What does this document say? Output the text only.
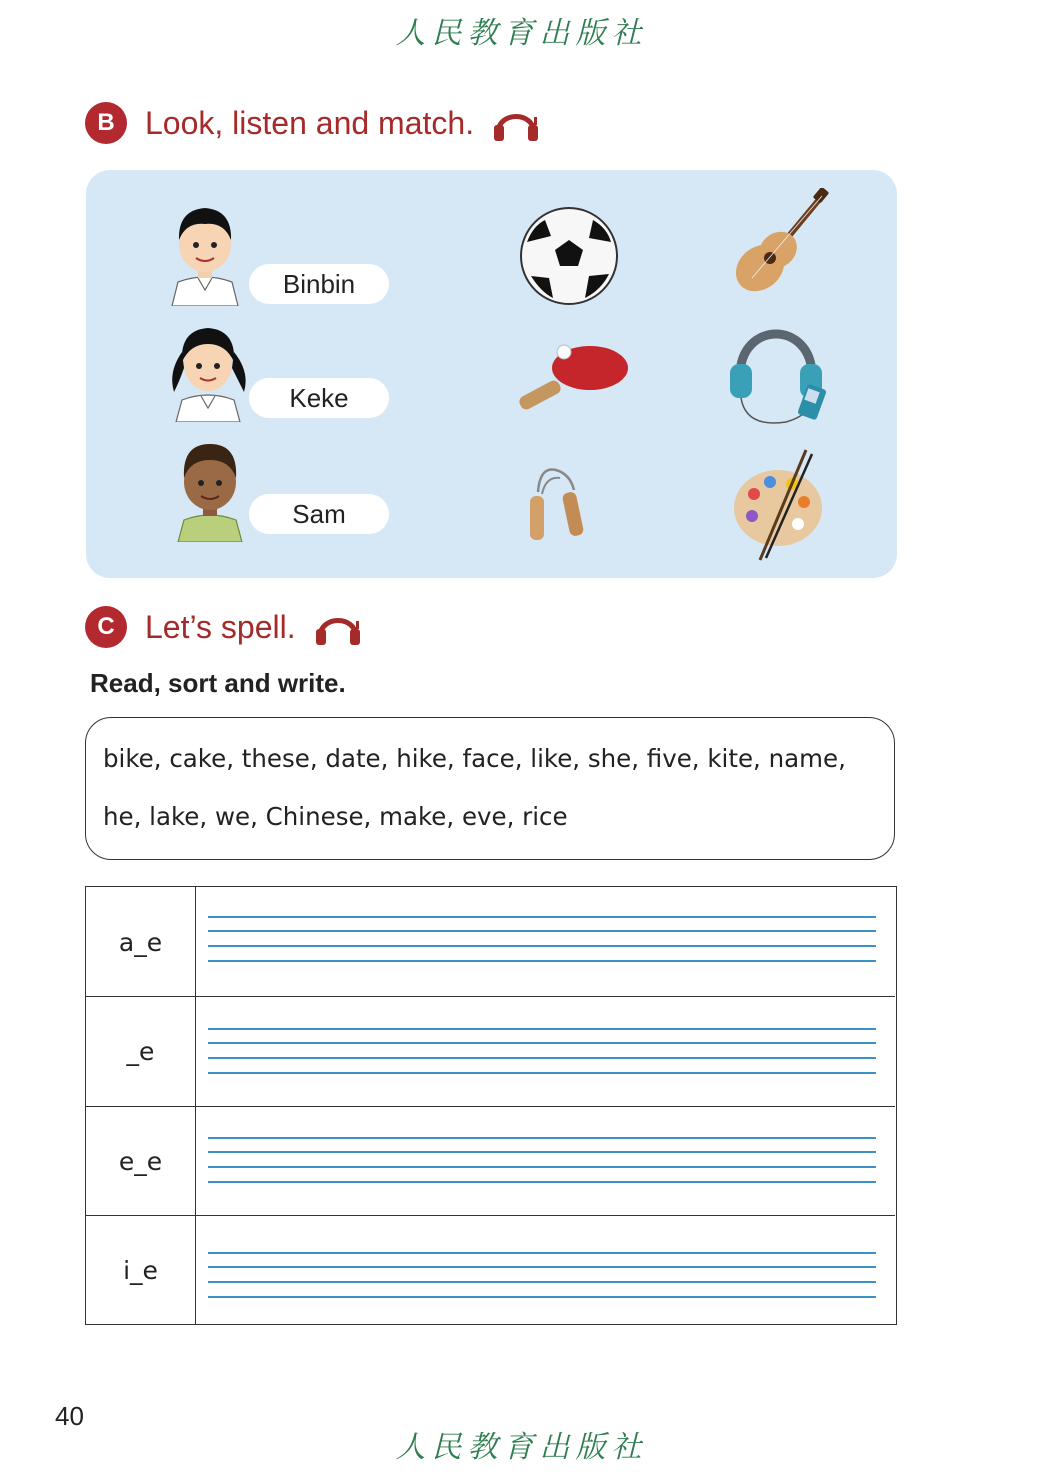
人民教育出版社
B Look, listen and match.
Binbin
Keke
Sam
C Let’s spell.
Read, sort and write.
bike, cake, these, date, hike, face, like, she, five, kite, name,
he, lake, we, Chinese, make, eve, rice
a_e
_e
e_e
i_e
40
人民教育出版社
